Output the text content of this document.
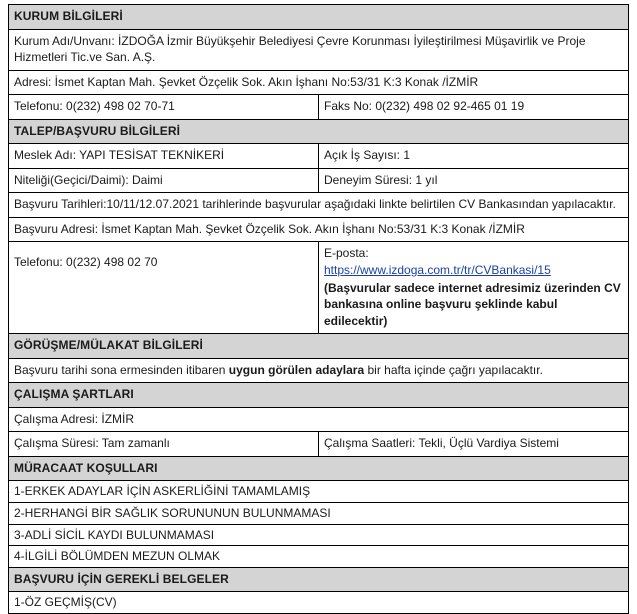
KURUM BİLGİLERİ	
Kurum Adı/Unvanı: İZDOĞA İzmir Büyükşehir Belediyesi Çevre Korunması İyileştirilmesi Müşavirlik ve Proje Hizmetleri Tic.ve San. A.Ş.	
Adresi: İsmet Kaptan Mah. Şevket Özçelik Sok. Akın İşhanı No:53/31 K:3 Konak /İZMİR	
Telefonu: 0(232) 498 02 70-71	Faks No: 0(232) 498 02 92-465 01 19
TALEP/BAŞVURU BİLGİLERİ	
Meslek Adı: YAPI TESİSAT TEKNİKERİ	Açık İş Sayısı: 1
Niteliği(Geçici/Daimi): Daimi	Deneyim Süresi: 1 yıl
Başvuru Tarihleri:10/11/12.07.2021 tarihlerinde başvurular aşağıdaki linkte belirtilen CV Bankasından yapılacaktır.	
Başvuru Adresi: İsmet Kaptan Mah. Şevket Özçelik Sok. Akın İşhanı No:53/31 K:3 Konak /İZMİR	
Telefonu: 0(232) 498 02 70	E-posta:
https://www.izdoga.com.tr/tr/CVBankasi/15
(Başvurular sadece internet adresimiz üzerinden CV bankasına online başvuru şeklinde kabul edilecektir)

GÖRÜŞME/MÜLAKAT BİLGİLERİ	
Başvuru tarihi sona ermesinden itibaren uygun görülen adaylara bir hafta içinde çağrı yapılacaktır.	
ÇALIŞMA ŞARTLARI	
Çalışma Adresi: İZMİR	
Çalışma Süresi: Tam zamanlı	Çalışma Saatleri: Tekli, Üçlü Vardiya Sistemi
MÜRACAAT KOŞULLARI	
1-ERKEK ADAYLAR İÇİN ASKERLİĞİNİ TAMAMLAMIŞ	
2-HERHANGİ BİR SAĞLIK SORUNUNUN BULUNMAMASI	
3-ADLİ SİCİL KAYDI BULUNMAMASI	
4-İLGİLİ BÖLÜMDEN MEZUN OLMAK	
BAŞVURU İÇİN GEREKLİ BELGELER	
1-ÖZ GEÇMİŞ(CV)	
